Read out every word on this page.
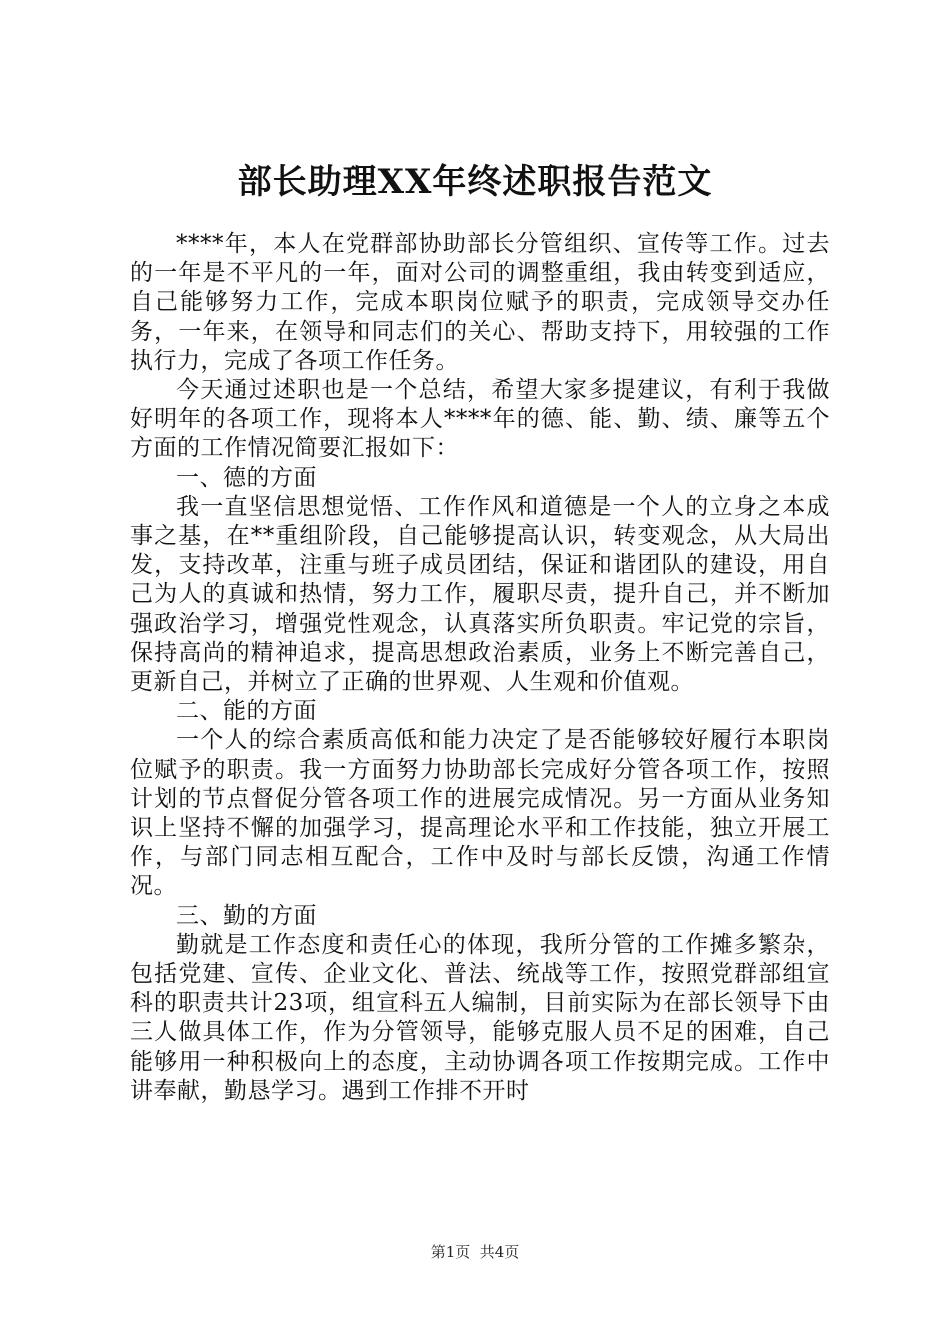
部长助理XX年终述职报告范文

****年，本人在党群部协助部长分管组织、宣传等工作。过去的一年是不平凡的一年，面对公司的调整重组，我由转变到适应，自己能够努力工作，完成本职岗位赋予的职责，完成领导交办任务，一年来，在领导和同志们的关心、帮助支持下，用较强的工作执行力，完成了各项工作任务。

今天通过述职也是一个总结，希望大家多提建议，有利于我做好明年的各项工作，现将本人****年的德、能、勤、绩、廉等五个方面的工作情况简要汇报如下：

一、德的方面

我一直坚信思想觉悟、工作作风和道德是一个人的立身之本成事之基，在**重组阶段，自己能够提高认识，转变观念，从大局出发，支持改革，注重与班子成员团结，保证和谐团队的建设，用自己为人的真诚和热情，努力工作，履职尽责，提升自己，并不断加强政治学习，增强党性观念，认真落实所负职责。牢记党的宗旨，保持高尚的精神追求，提高思想政治素质，业务上不断完善自己，更新自己，并树立了正确的世界观、人生观和价值观。

二、能的方面

一个人的综合素质高低和能力决定了是否能够较好履行本职岗位赋予的职责。我一方面努力协助部长完成好分管各项工作，按照计划的节点督促分管各项工作的进展完成情况。另一方面从业务知识上坚持不懈的加强学习，提高理论水平和工作技能，独立开展工作，与部门同志相互配合，工作中及时与部长反馈，沟通工作情况。

三、勤的方面

勤就是工作态度和责任心的体现，我所分管的工作摊多繁杂，包括党建、宣传、企业文化、普法、统战等工作，按照党群部组宣科的职责共计23项，组宣科五人编制，目前实际为在部长领导下由三人做具体工作，作为分管领导，能够克服人员不足的困难，自己能够用一种积极向上的态度，主动协调各项工作按期完成。工作中讲奉献，勤恳学习。遇到工作排不开时

第1页  共4页
